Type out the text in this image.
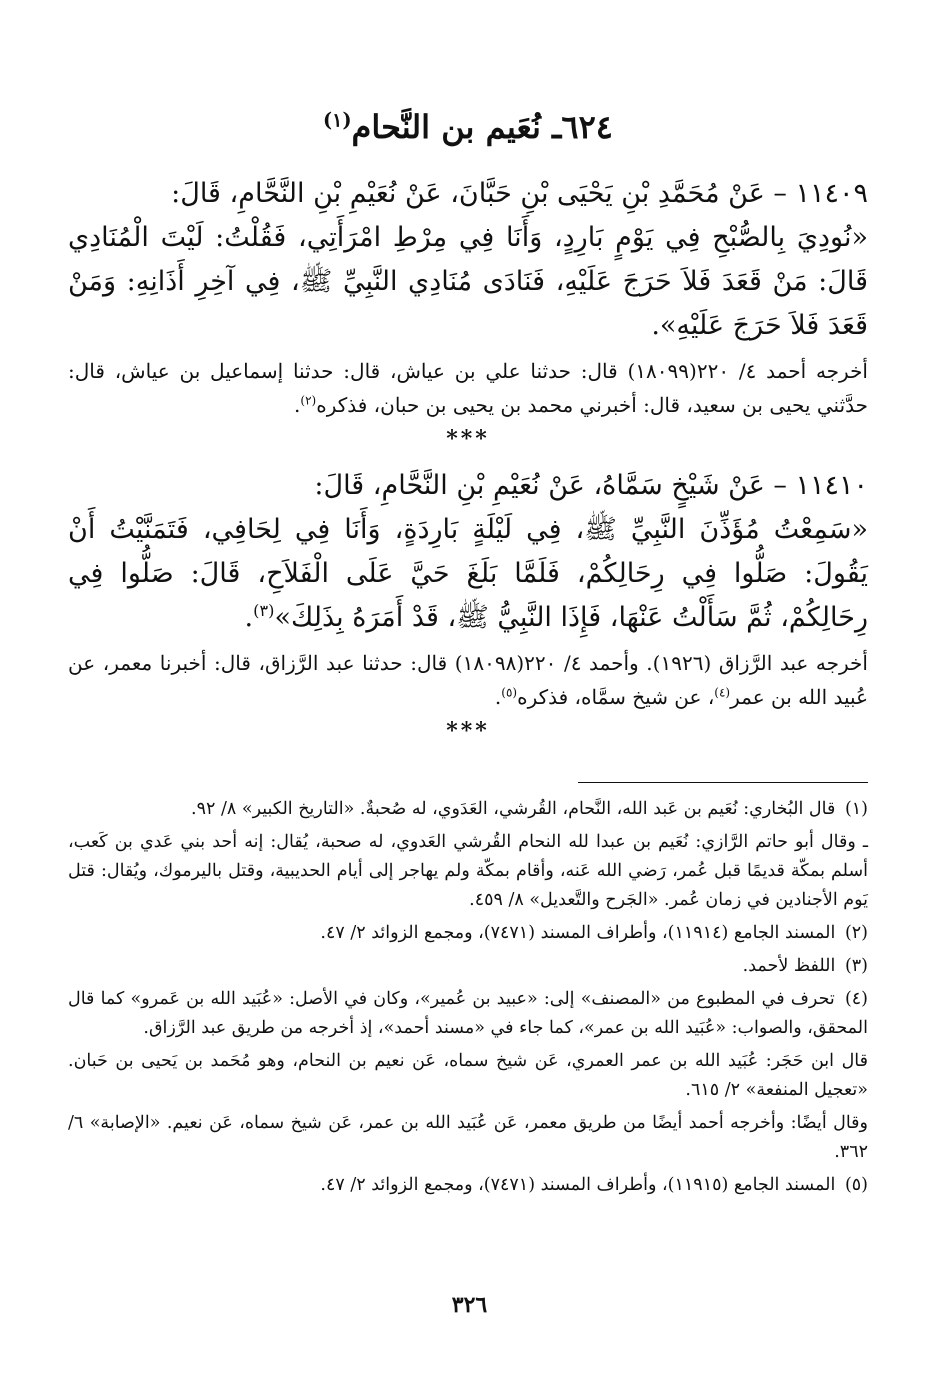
٦٢٤ـ نُعَيم بن النَّحام$^{(١)}$

١١٤٠٩ – عَنْ مُحَمَّدِ بْنِ يَحْيَى بْنِ حَبَّانَ، عَنْ نُعَيْمِ بْنِ النَّحَّامِ، قَالَ:

«نُودِيَ بِالصُّبْحِ فِي يَوْمٍ بَارِدٍ، وَأَنَا فِي مِرْطِ امْرَأَتِي، فَقُلْتُ: لَيْتَ الْمُنَادِي قَالَ: مَنْ قَعَدَ فَلاَ حَرَجَ عَلَيْهِ، فَنَادَى مُنَادِي النَّبِيِّ ﷺ، فِي آخِرِ أَذَانِهِ: وَمَنْ قَعَدَ فَلاَ حَرَجَ عَلَيْهِ».

أخرجه أحمد ٤/ ٢٢٠(١٨٠٩٩) قال: حدثنا علي بن عياش، قال: حدثنا إسماعيل بن عياش، قال: حدَّثني يحيى بن سعيد، قال: أخبرني محمد بن يحيى بن حبان، فذكره$^{(٢)}$.

***

١١٤١٠ – عَنْ شَيْخٍ سَمَّاهُ، عَنْ نُعَيْمِ بْنِ النَّحَّامِ، قَالَ:

«سَمِعْتُ مُؤَذِّنَ النَّبِيِّ ﷺ، فِي لَيْلَةٍ بَارِدَةٍ، وَأَنَا فِي لِحَافِي، فَتَمَنَّيْتُ أَنْ يَقُولَ: صَلُّوا فِي رِحَالِكُمْ، فَلَمَّا بَلَغَ حَيَّ عَلَى الْفَلاَحِ، قَالَ: صَلُّوا فِي رِحَالِكُمْ، ثُمَّ سَأَلْتُ عَنْهَا، فَإِذَا النَّبِيُّ ﷺ، قَدْ أَمَرَهُ بِذَلِكَ»$^{(٣)}$.

أخرجه عبد الرَّزاق (١٩٢٦). وأحمد ٤/ ٢٢٠(١٨٠٩٨) قال: حدثنا عبد الرَّزاق، قال: أخبرنا معمر، عن عُبيد الله بن عمر$^{(٤)}$، عن شيخ سمَّاه، فذكره$^{(٥)}$.

***

(١) قال البُخاري: نُعَيم بن عَبد الله، النَّحام، القُرشي، العَدَوي، له صُحبةٌ. «التاريخ الكبير» ٨/ ٩٢.

ـ وقال أبو حاتم الرَّازي: نُعَيم بن عبدا لله النحام القُرشي العَدوي، له صحبة، يُقال: إنه أحد بني عَدي بن كَعب، أسلم بمكّة قديمًا قبل عُمر، رَضي الله عَنه، وأقام بمكّة ولم يهاجر إلى أيام الحديبية، وقتل باليرموك، ويُقال: قتل يَوم الأجنادين في زمان عُمر. «الجَرح والتَّعديل» ٨/ ٤٥٩.

(٢) المسند الجامع (١١٩١٤)، وأطراف المسند (٧٤٧١)، ومجمع الزوائد ٢/ ٤٧.

(٣) اللفظ لأحمد.

(٤) تحرف في المطبوع من «المصنف» إلى: «عبيد بن عُمير»، وكان في الأصل: «عُبَيد الله بن عَمرو» كما قال المحقق، والصواب: «عُبَيد الله بن عمر»، كما جاء في «مسند أحمد»، إذ أخرجه من طريق عبد الرَّزاق.

قال ابن حَجَر: عُبَيد الله بن عمر العمري، عَن شيخ سماه، عَن نعيم بن النحام، وهو مُحَمد بن يَحيى بن حَبان. «تعجيل المنفعة» ٢/ ٦١٥.

وقال أيضًا: وأخرجه أحمد أيضًا من طريق معمر، عَن عُبَيد الله بن عمر، عَن شيخ سماه، عَن نعيم. «الإصابة» ٦/ ٣٦٢.

(٥) المسند الجامع (١١٩١٥)، وأطراف المسند (٧٤٧١)، ومجمع الزوائد ٢/ ٤٧.

٣٢٦
